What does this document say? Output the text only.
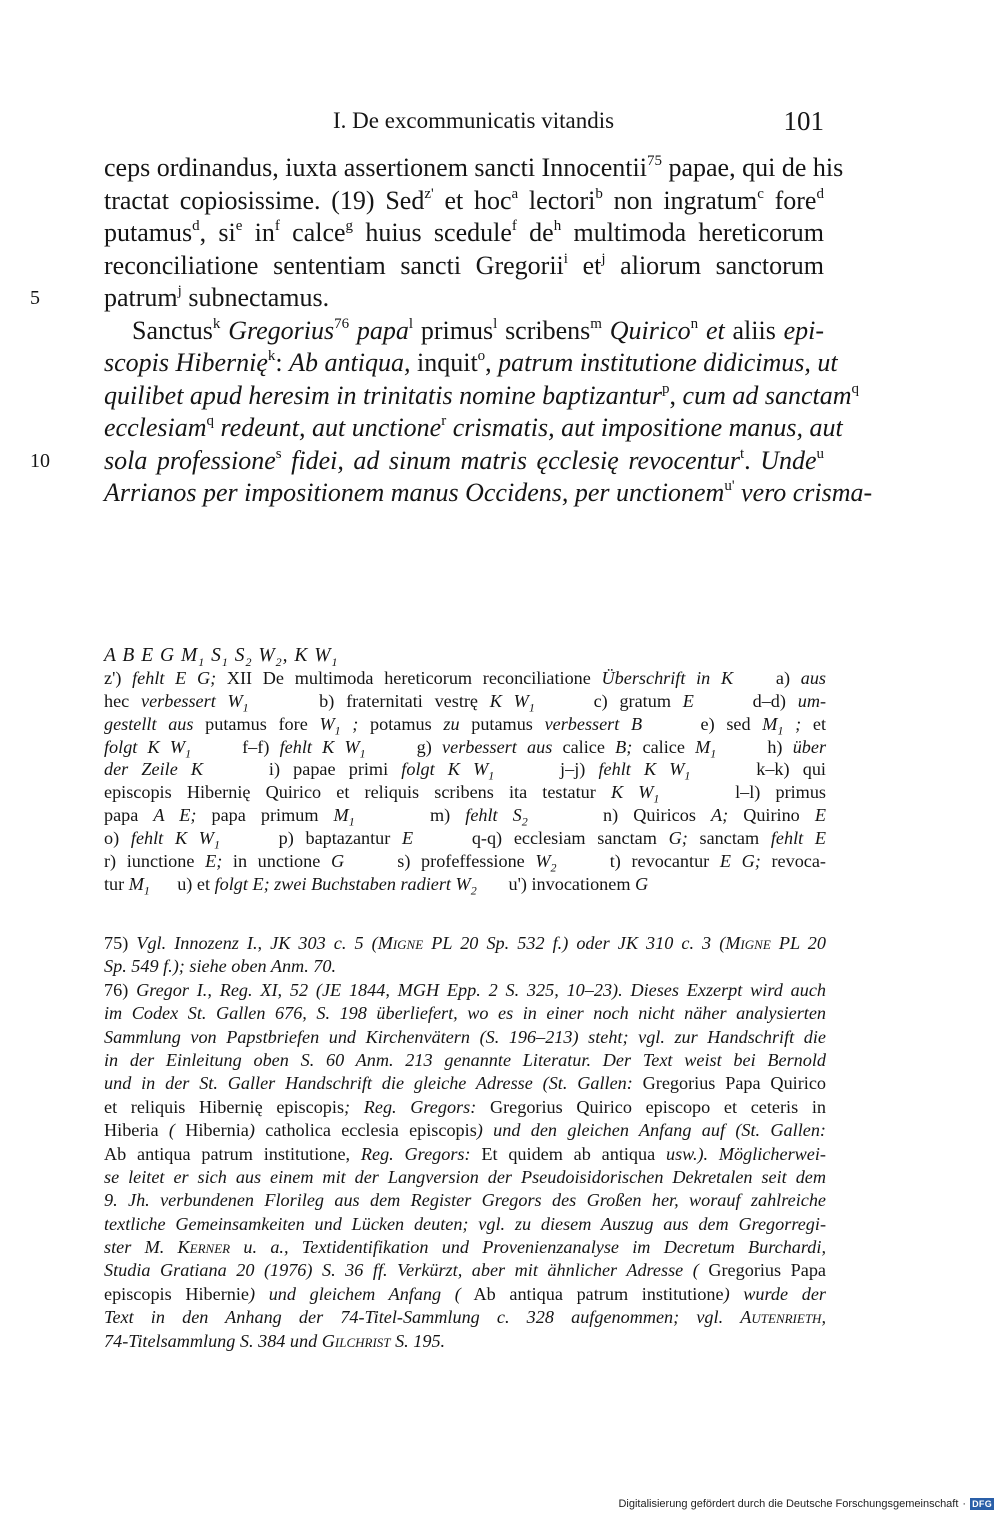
I. De excommunicatis vitandis	101
ceps ordinandus, iuxta assertionem sancti Innocentii$^{75}$ papae, qui de his
tractat copiosissime. (19) Sed$^{z'}$ et hoc$^a$ lectori$^b$ non ingratum$^c$ fore$^d$
putamus$^d$, $si^e$ $in^f$ calce$^g$ huius scedule$^f$ $de^h$ multimoda hereticorum
reconciliatione sententiam sancti Gregorii$^i$ $et^j$ aliorum sanctorum
5 patrum$^j$ subnectamus.
Sanctus$^k$ Gregorius$^{76}$ papa$^l$ primus$^l$ scribens$^m$ Quirico$^n$ et aliis epi-
scopis Hibernię$^k$: Ab antiqua, inquit$^o$, patrum institutione didicimus, ut
quilibet apud heresim in trinitatis nomine baptizantur$^p$, cum ad sanctam$^q$
ecclesiam$^q$ redeunt, aut unctione$^r$ crismatis, aut impositione manus, aut
10 sola professione$^s$ fidei, ad sinum matris ęcclesię revocentur$^t$. Unde$^u$
Arrianos per impositionem manus Occidens, per unctionem$^{u'}$ vero crisma-
A B E G $M_1$ $S_1$ $S_2$ $W_2$, K $W_1$
z') fehlt E G; XII De multimoda hereticorum reconciliatione Überschrift in K    a) aus
hec verbessert $W_1$      b) fraternitati vestrę K $W_1$     c) gratum E     d–d) um-
gestellt aus putamus fore $W_1$ ; potamus zu putamus verbessert B     e) sed $M_1$ ; et
folgt K $W_1$     f–f) fehlt K $W_1$     g) verbessert aus calice B; calice $M_1$     h) über
der Zeile K     i) papae primi folgt K $W_1$     j–j) fehlt K $W_1$     k–k) qui
episcopis Hibernię Quirico et reliquis scribens ita testatur K $W_1$     l–l) primus
papa A E; papa primum $M_1$     m) fehlt $S_2$     n) Quiricos A; Quirino E
o) fehlt K $W_1$     p) baptazantur E     q-q) ecclesiam sanctam G; sanctam fehlt E
r) iunctione E; in unctione G     s) profeffessione $W_2$     t) revocantur E G; revoca-
tur $M_1$      u) et folgt E; zwei Buchstaben radiert $W_2$       u') invocationem G
75) Vgl. Innozenz I., JK 303 c. 5 (Migne PL 20 Sp. 532 f.) oder JK 310 c. 3 (Migne PL 20
Sp. 549 f.); siehe oben Anm. 70.
76) Gregor I., Reg. XI, 52 (JE 1844, MGH Epp. 2 S. 325, 10–23). Dieses Exzerpt wird auch
im Codex St. Gallen 676, S. 198 überliefert, wo es in einer noch nicht näher analysierten
Sammlung von Papstbriefen und Kirchenvätern (S. 196–213) steht; vgl. zur Handschrift die
in der Einleitung oben S. 60 Anm. 213 genannte Literatur. Der Text weist bei Bernold
und in der St. Galler Handschrift die gleiche Adresse (St. Gallen: Gregorius Papa Quirico
et reliquis Hibernię episcopis; Reg. Gregors: Gregorius Quirico episcopo et ceteris in
Hiberia ( Hibernia) catholica ecclesia episcopis) und den gleichen Anfang auf (St. Gallen:
Ab antiqua patrum institutione, Reg. Gregors: Et quidem ab antiqua usw.). Möglicherwei-
se leitet er sich aus einem mit der Langversion der Pseudoisidorischen Dekretalen seit dem
9. Jh. verbundenen Florileg aus dem Register Gregors des Großen her, worauf zahlreiche
textliche Gemeinsamkeiten und Lücken deuten; vgl. zu diesem Auszug aus dem Gregorregi-
ster M. Kerner u. a., Textidentifikation und Provenienzanalyse im Decretum Burchardi,
Studia Gratiana 20 (1976) S. 36 ff. Verkürzt, aber mit ähnlicher Adresse ( Gregorius Papa
episcopis Hibernie) und gleichem Anfang ( Ab antiqua patrum institutione) wurde der
Text in den Anhang der 74-Titel-Sammlung c. 328 aufgenommen; vgl. Autenrieth,
74-Titelsammlung S. 384 und Gilchrist S. 195.
Digitalisierung gefördert durch die Deutsche Forschungsgemeinschaft · DFG
